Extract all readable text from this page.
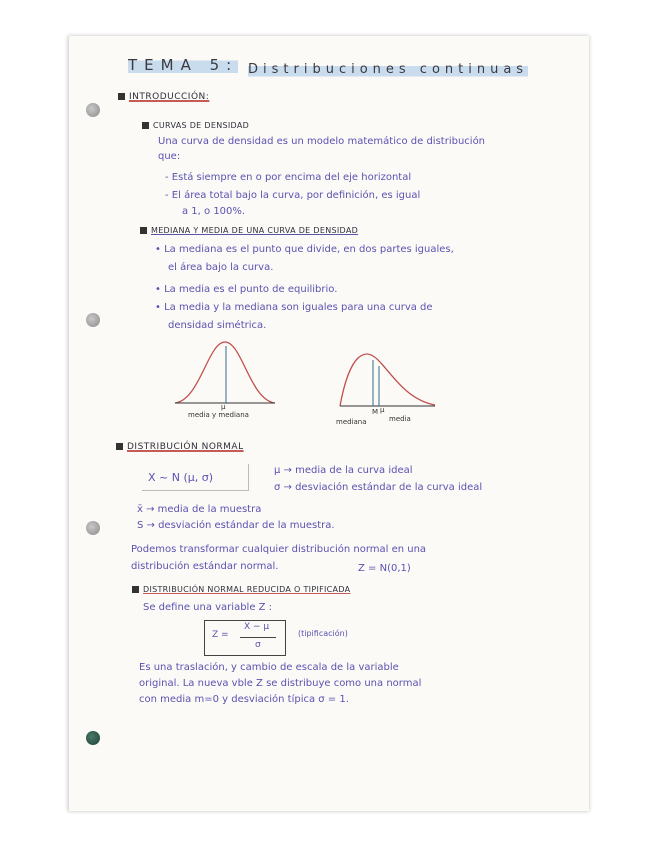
TEMA 5: Distribuciones continuas
INTRODUCCIÓN:
CURVAS DE DENSIDAD
Una curva de densidad es un modelo matemático de distribución
que:
- Está siempre en o por encima del eje horizontal
- El área total bajo la curva, por definición, es igual
a 1, o 100%.
MEDIANA Y MEDIA DE UNA CURVA DE DENSIDAD
• La mediana es el punto que divide, en dos partes iguales,
el área bajo la curva.
• La media es el punto de equilibrio.
• La media y la mediana son iguales para una curva de
densidad simétrica.
μ
media y mediana	M μ
mediana	media
DISTRIBUCIÓN NORMAL
X ~ N (μ, σ)
μ → media de la curva ideal
σ → desviación estándar de la curva ideal
x̄ → media de la muestra
S → desviación estándar de la muestra.
Podemos transformar cualquier distribución normal en una
distribución estándar normal.	Z = N(0,1)
DISTRIBUCIÓN NORMAL REDUCIDA O TIPIFICADA
Se define una variable Z :
Z =
X − μ
σ
(tipificación)
Es una traslación, y cambio de escala de la variable
original. La nueva vble Z se distribuye como una normal
con media m=0 y desviación típica σ = 1.
